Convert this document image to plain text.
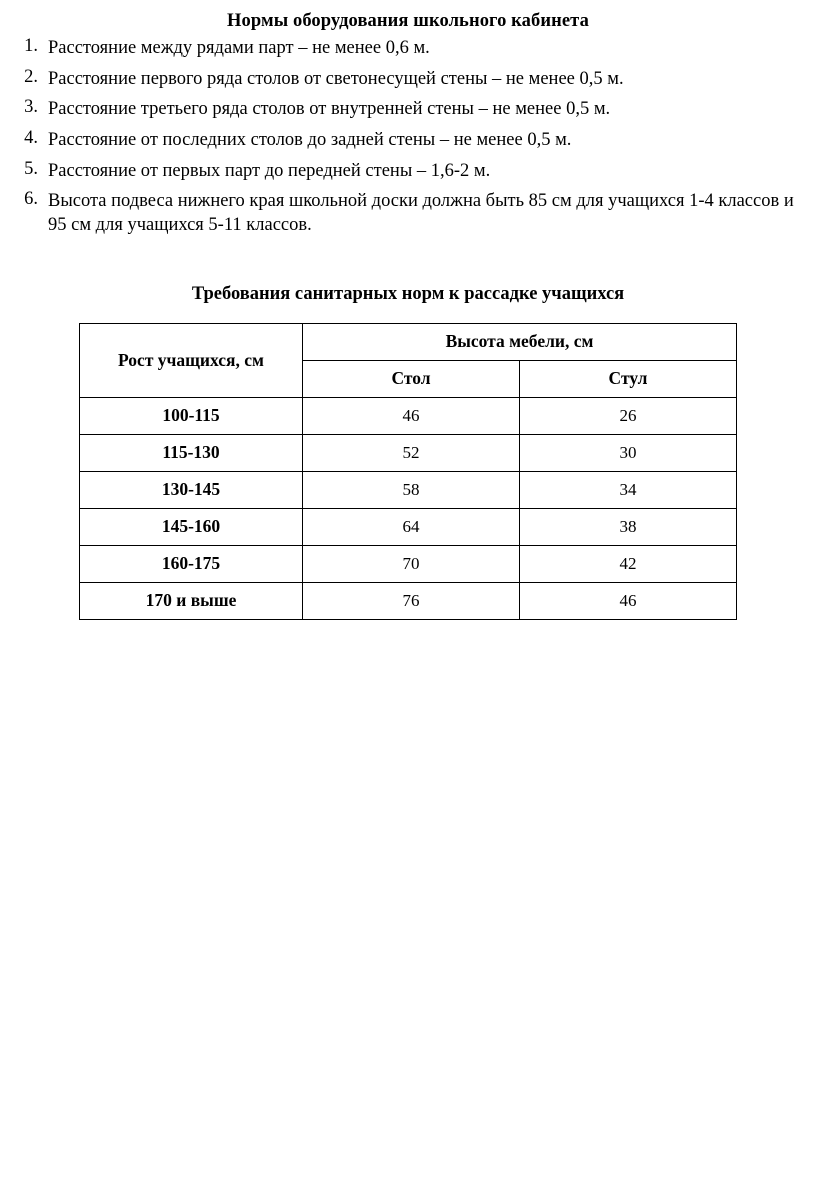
Нормы оборудования школьного кабинета
1. Расстояние между рядами парт – не менее 0,6 м.
2. Расстояние первого ряда столов от светонесущей стены – не менее 0,5 м.
3. Расстояние третьего ряда столов от внутренней стены – не менее 0,5 м.
4. Расстояние от последних столов до задней стены – не менее 0,5 м.
5. Расстояние от первых парт до передней стены – 1,6-2 м.
6. Высота подвеса нижнего края школьной доски должна быть 85 см для учащихся 1-4 классов и 95 см для учащихся 5-11 классов.
Требования санитарных норм к рассадке учащихся
Рост учащихся, см	Высота мебели, см	
	Стол	Стул
100-115	46	26
115-130	52	30
130-145	58	34
145-160	64	38
160-175	70	42
170 и выше	76	46
